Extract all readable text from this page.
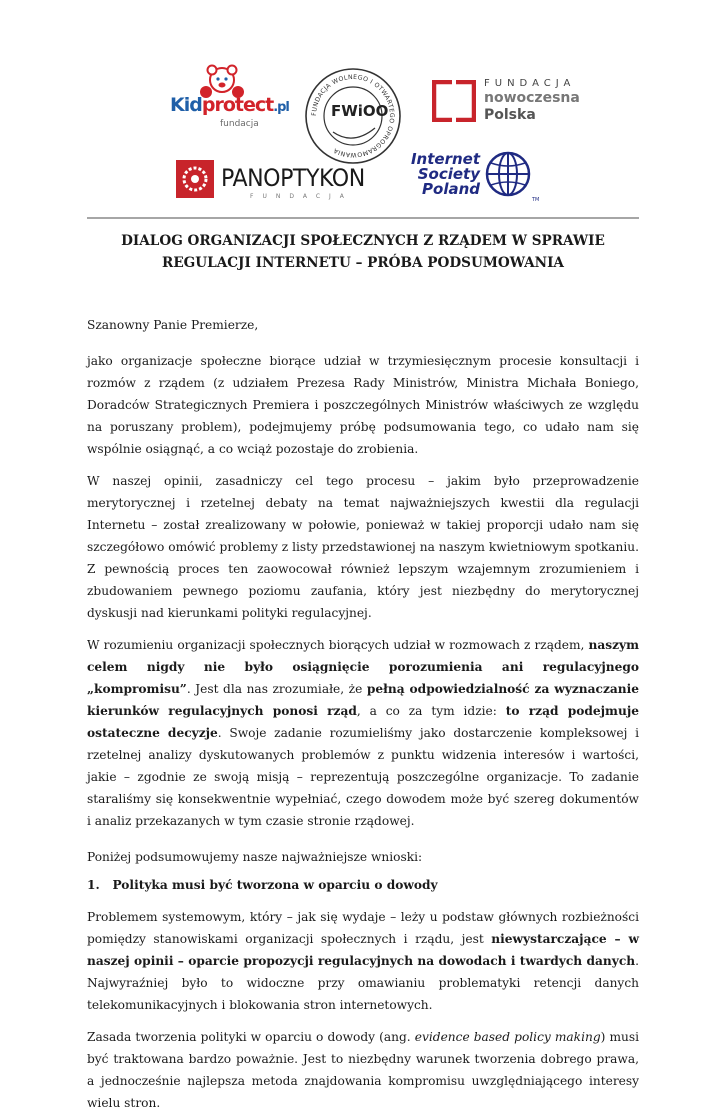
Kidprotect.pl
fundacja
FUNDACJA WOLNEGO I OTWARTEGO OPROGRAMOWANIA
FWiOO
FUNDACJA
nowoczesna
Polska
PANOPTYKON
FUNDACJA
Internet
Society
Poland
TM
DIALOG ORGANIZACJI SPOŁECZNYCH Z RZĄDEM W SPRAWIE REGULACJI INTERNETU – PRÓBA PODSUMOWANIA

Szanowny Panie Premierze,

jako organizacje społeczne biorące udział w trzymiesięcznym procesie konsultacji i rozmów z rządem (z udziałem Prezesa Rady Ministrów, Ministra Michała Boniego, Doradców Strategicznych Premiera i poszczególnych Ministrów właściwych ze względu na poruszany problem), podejmujemy próbę podsumowania tego, co udało nam się wspólnie osiągnąć, a co wciąż pozostaje do zrobienia.

W naszej opinii, zasadniczy cel tego procesu – jakim było przeprowadzenie merytorycznej i rzetelnej debaty na temat najważniejszych kwestii dla regulacji Internetu – został zrealizowany w połowie, ponieważ w takiej proporcji udało nam się szczegółowo omówić problemy z listy przedstawionej na naszym kwietniowym spotkaniu. Z pewnością proces ten zaowocował również lepszym wzajemnym zrozumieniem i zbudowaniem pewnego poziomu zaufania, który jest niezbędny do merytorycznej dyskusji nad kierunkami polityki regulacyjnej.

W rozumieniu organizacji społecznych biorących udział w rozmowach z rządem, naszym celem nigdy nie było osiągnięcie porozumienia ani regulacyjnego „kompromisu”. Jest dla nas zrozumiałe, że pełną odpowiedzialność za wyznaczanie kierunków regulacyjnych ponosi rząd, a co za tym idzie: to rząd podejmuje ostateczne decyzje. Swoje zadanie rozumieliśmy jako dostarczenie kompleksowej i rzetelnej analizy dyskutowanych problemów z punktu widzenia interesów i wartości, jakie – zgodnie ze swoją misją – reprezentują poszczególne organizacje. To zadanie staraliśmy się konsekwentnie wypełniać, czego dowodem może być szereg dokumentów i analiz przekazanych w tym czasie stronie rządowej.

Poniżej podsumowujemy nasze najważniejsze wnioski:

1. Polityka musi być tworzona w oparciu o dowody

Problemem systemowym, który – jak się wydaje – leży u podstaw głównych rozbieżności pomiędzy stanowiskami organizacji społecznych i rządu, jest niewystarczające – w naszej opinii – oparcie propozycji regulacyjnych na dowodach i twardych danych. Najwyraźniej było to widoczne przy omawianiu problematyki retencji danych telekomunikacyjnych i blokowania stron internetowych.

Zasada tworzenia polityki w oparciu o dowody (ang. evidence based policy making) musi być traktowana bardzo poważnie. Jest to niezbędny warunek tworzenia dobrego prawa, a jednocześnie najlepsza metoda znajdowania kompromisu uwzględniającego interesy wielu stron.
